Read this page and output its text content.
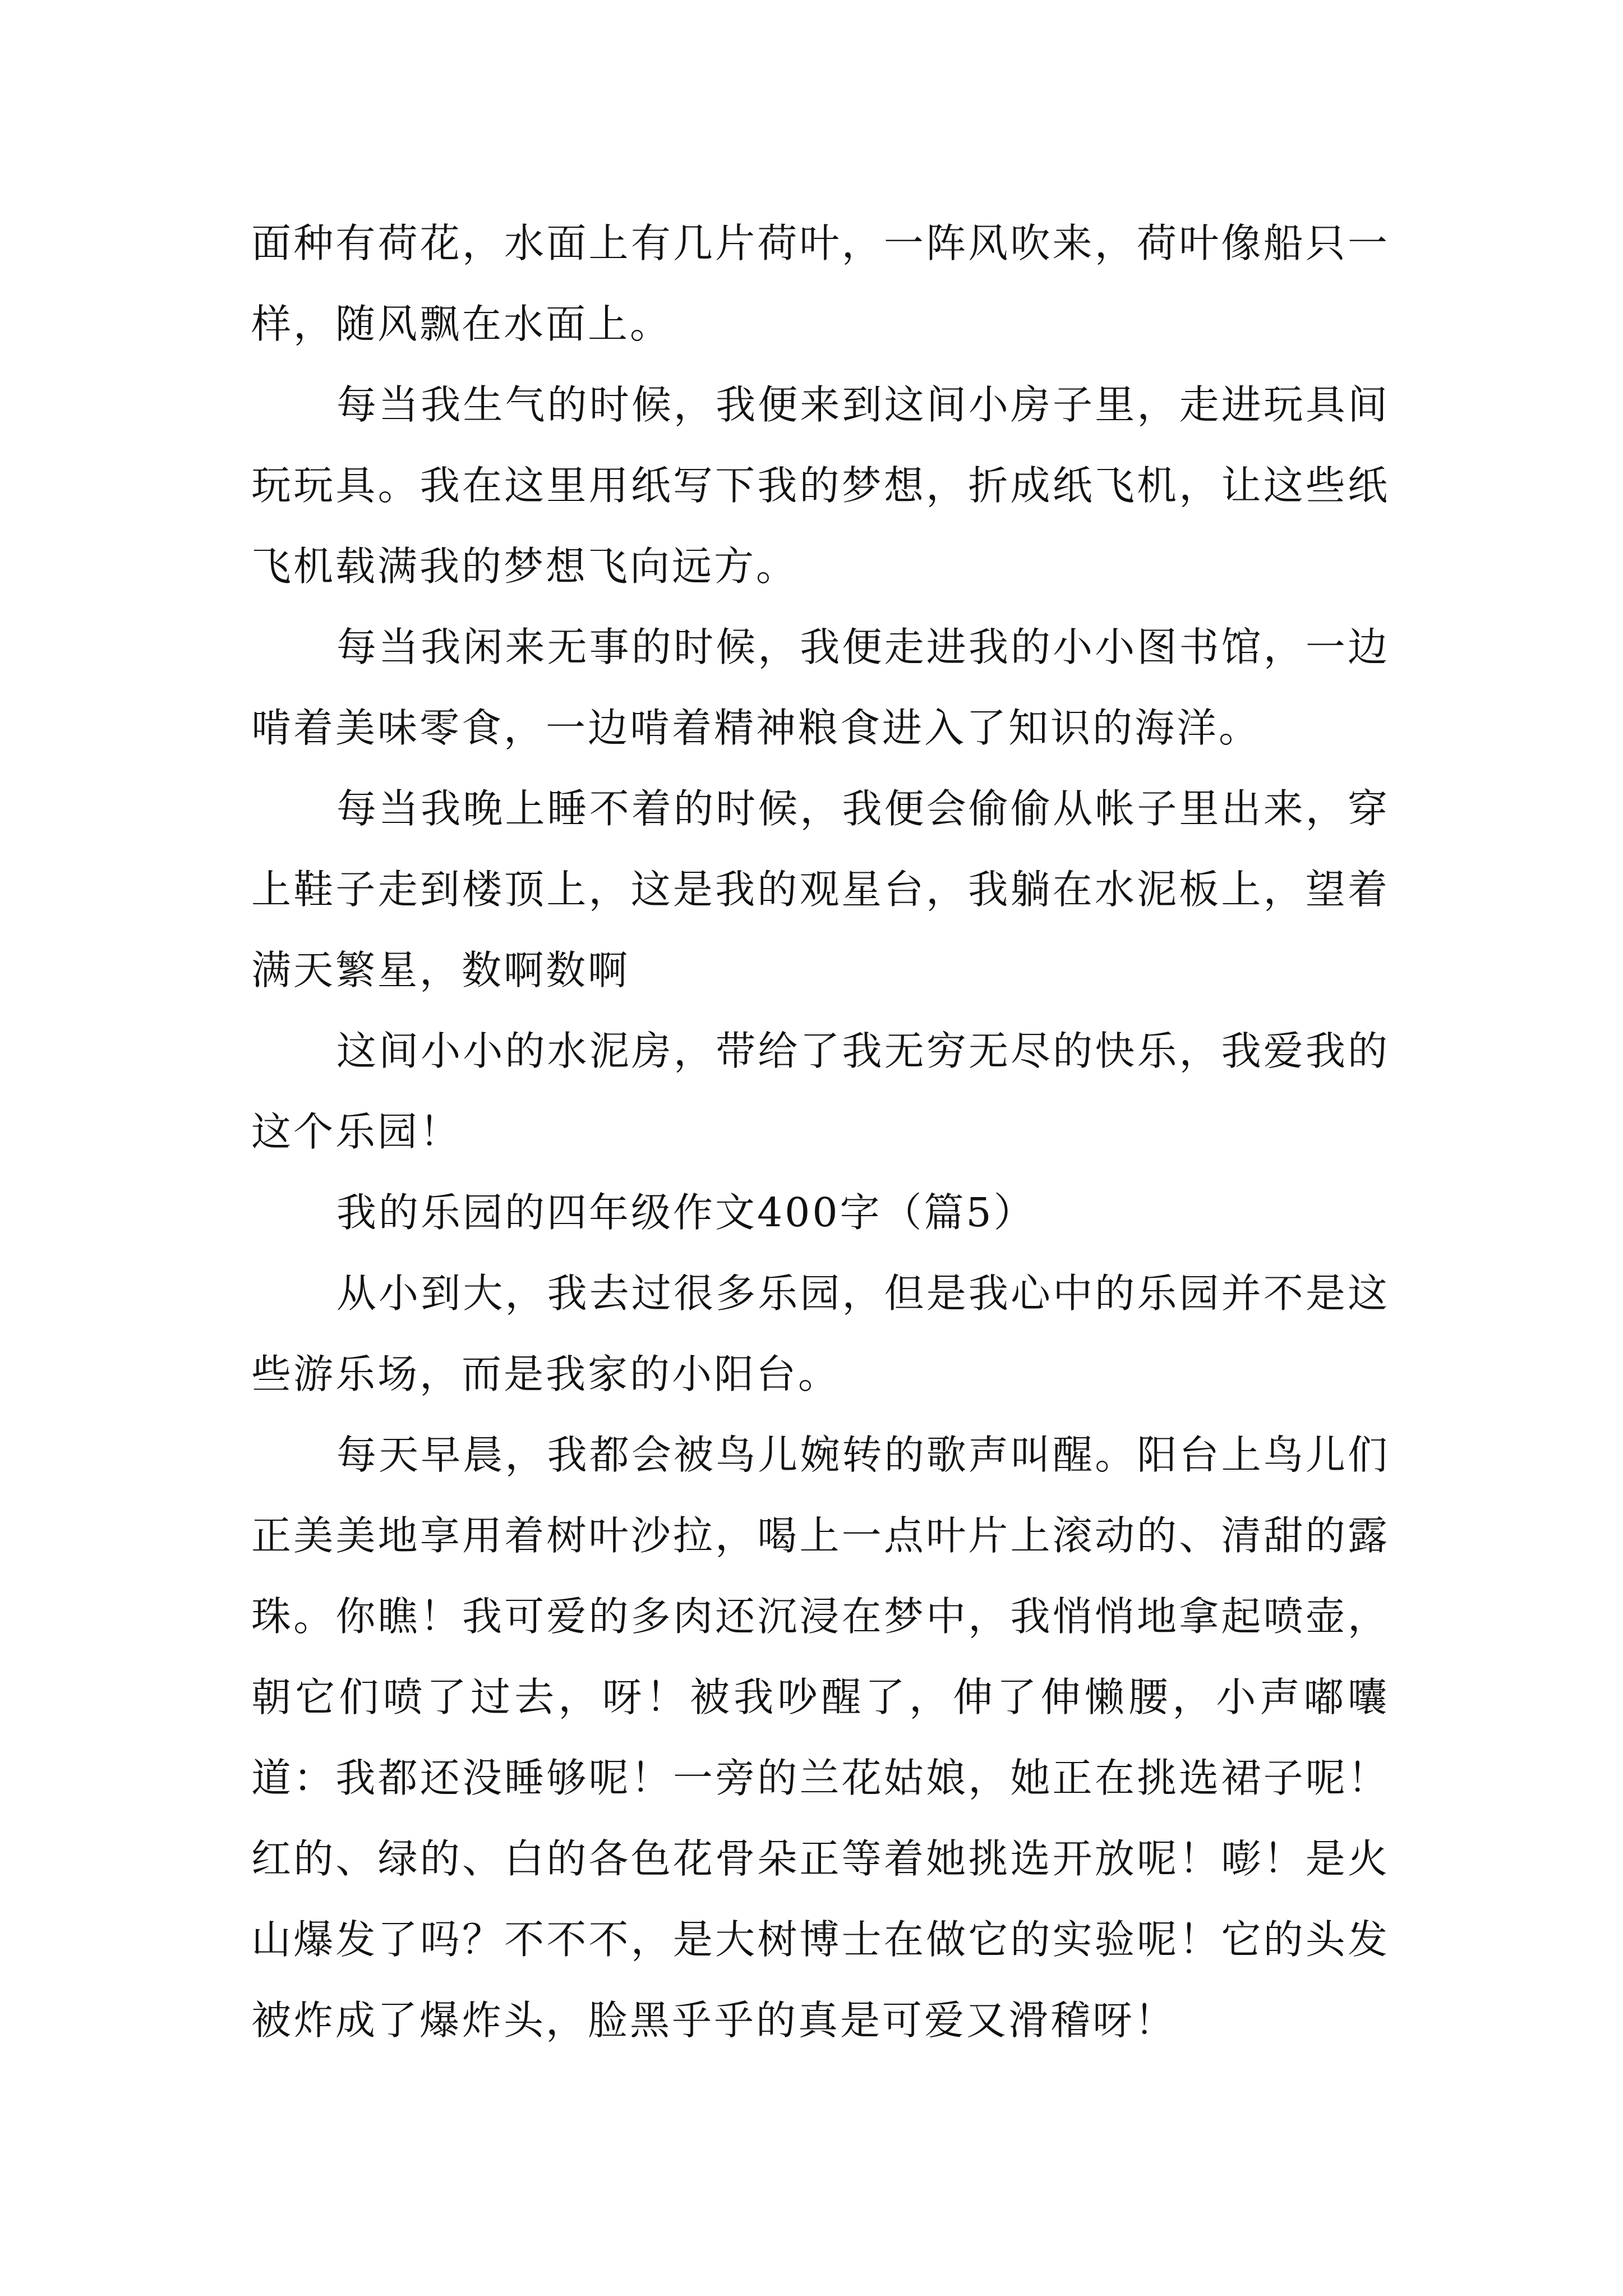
面种有荷花，水面上有几片荷叶，一阵风吹来，荷叶像船只一样，随风飘在水面上。

每当我生气的时候，我便来到这间小房子里，走进玩具间玩玩具。我在这里用纸写下我的梦想，折成纸飞机，让这些纸飞机载满我的梦想飞向远方。

每当我闲来无事的时候，我便走进我的小小图书馆，一边啃着美味零食，一边啃着精神粮食进入了知识的海洋。

每当我晚上睡不着的时候，我便会偷偷从帐子里出来，穿上鞋子走到楼顶上，这是我的观星台，我躺在水泥板上，望着满天繁星，数啊数啊

这间小小的水泥房，带给了我无穷无尽的快乐，我爱我的这个乐园！

我的乐园的四年级作文400字（篇5）

从小到大，我去过很多乐园，但是我心中的乐园并不是这些游乐场，而是我家的小阳台。

每天早晨，我都会被鸟儿婉转的歌声叫醒。阳台上鸟儿们正美美地享用着树叶沙拉，喝上一点叶片上滚动的、清甜的露珠。你瞧！我可爱的多肉还沉浸在梦中，我悄悄地拿起喷壶，朝它们喷了过去，呀！被我吵醒了，伸了伸懒腰，小声嘟囔道：我都还没睡够呢！一旁的兰花姑娘，她正在挑选裙子呢！红的、绿的、白的各色花骨朵正等着她挑选开放呢！嘭！是火山爆发了吗？不不不，是大树博士在做它的实验呢！它的头发被炸成了爆炸头，脸黑乎乎的真是可爱又滑稽呀！
